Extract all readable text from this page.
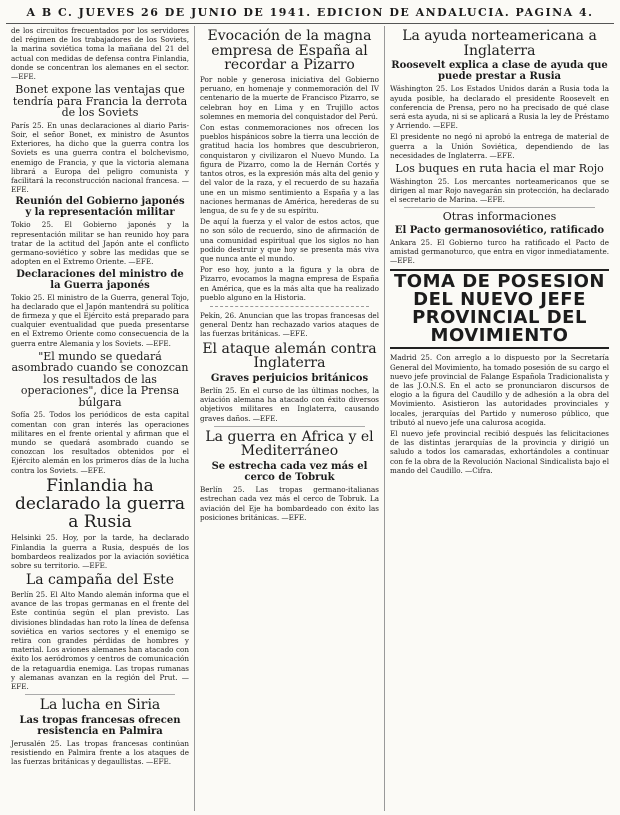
A B C. JUEVES 26 DE JUNIO DE 1941. EDICION DE ANDALUCIA. PAGINA 4.

de los circuitos frecuentados por los servidores del régimen de los trabajadores de los Soviets, la marina soviética toma la mañana del 21 del actual con medidas de defensa contra Finlandia, donde se concentran los alemanes en el sector. —EFE.

Bonet expone las ventajas que tendría para Francia la derrota de los Soviets

París 25. En unas declaraciones al diario Paris-Soir, el señor Bonet, ex ministro de Asuntos Exteriores, ha dicho que la guerra contra los Soviets es una guerra contra el bolchevismo, enemigo de Francia, y que la victoria alemana librará a Europa del peligro comunista y facilitará la reconstrucción nacional francesa. —EFE.

Reunión del Gobierno japonés y la representación militar

Tokio 25. El Gobierno japonés y la representación militar se han reunido hoy para tratar de la actitud del Japón ante el conflicto germano-soviético y sobre las medidas que se adopten en el Extremo Oriente. —EFE.

Declaraciones del ministro de la Guerra japonés

Tokio 25. El ministro de la Guerra, general Tojo, ha declarado que el Japón mantendrá su política de firmeza y que el Ejército está preparado para cualquier eventualidad que pueda presentarse en el Extremo Oriente como consecuencia de la guerra entre Alemania y los Soviets. —EFE.

"El mundo se quedará asombrado cuando se conozcan los resultados de las operaciones", dice la Prensa búlgara

Sofía 25. Todos los periódicos de esta capital comentan con gran interés las operaciones militares en el frente oriental y afirman que el mundo se quedará asombrado cuando se conozcan los resultados obtenidos por el Ejército alemán en los primeros días de la lucha contra los Soviets. —EFE.

Finlandia ha declarado la guerra a Rusia

Helsinki 25. Hoy, por la tarde, ha declarado Finlandia la guerra a Rusia, después de los bombardeos realizados por la aviación soviética sobre su territorio. —EFE.

La campaña del Este

Berlín 25. El Alto Mando alemán informa que el avance de las tropas germanas en el frente del Este continúa según el plan previsto. Las divisiones blindadas han roto la línea de defensa soviética en varios sectores y el enemigo se retira con grandes pérdidas de hombres y material. Los aviones alemanes han atacado con éxito los aeródromos y centros de comunicación de la retaguardia enemiga. Las tropas rumanas y alemanas avanzan en la región del Prut. —EFE.

La lucha en Siria
Las tropas francesas ofrecen resistencia en Palmira

Jerusalén 25. Las tropas francesas continúan resistiendo en Palmira frente a los ataques de las fuerzas británicas y degaullistas. —EFE.

Evocación de la magna empresa de España al recordar a Pizarro

Por noble y generosa iniciativa del Gobierno peruano, en homenaje y conmemoración del IV centenario de la muerte de Francisco Pizarro, se celebran hoy en Lima y en Trujillo actos solemnes en memoria del conquistador del Perú.

Con estas conmemoraciones nos ofrecen los pueblos hispánicos sobre la tierra una lección de gratitud hacia los hombres que descubrieron, conquistaron y civilizaron el Nuevo Mundo. La figura de Pizarro, como la de Hernán Cortés y tantos otros, es la expresión más alta del genio y del valor de la raza, y el recuerdo de su hazaña une en un mismo sentimiento a España y a las naciones hermanas de América, herederas de su lengua, de su fe y de su espíritu.

De aquí la fuerza y el valor de estos actos, que no son sólo de recuerdo, sino de afirmación de una comunidad espiritual que los siglos no han podido destruir y que hoy se presenta más viva que nunca ante el mundo.

Por eso hoy, junto a la figura y la obra de Pizarro, evocamos la magna empresa de España en América, que es la más alta que ha realizado pueblo alguno en la Historia.

Pekín, 26. Anuncian que las tropas francesas del general Dentz han rechazado varios ataques de las fuerzas británicas. —EFE.

El ataque alemán contra Inglaterra
Graves perjuicios británicos

Berlín 25. En el curso de las últimas noches, la aviación alemana ha atacado con éxito diversos objetivos militares en Inglaterra, causando graves daños. —EFE.

La guerra en Africa y el Mediterráneo
Se estrecha cada vez más el cerco de Tobruk

Berlín 25. Las tropas germano-italianas estrechan cada vez más el cerco de Tobruk. La aviación del Eje ha bombardeado con éxito las posiciones británicas. —EFE.

La ayuda norteamericana a Inglaterra
Roosevelt explica a clase de ayuda que puede prestar a Rusia

Wáshington 25. Los Estados Unidos darán a Rusia toda la ayuda posible, ha declarado el presidente Roosevelt en conferencia de Prensa, pero no ha precisado de qué clase será esta ayuda, ni si se aplicará a Rusia la ley de Préstamo y Arriendo. —EFE.

El presidente no negó ni aprobó la entrega de material de guerra a la Unión Soviética, dependiendo de las necesidades de Inglaterra. —EFE.

Los buques en ruta hacia el mar Rojo

Wáshington 25. Los mercantes norteamericanos que se dirigen al mar Rojo navegarán sin protección, ha declarado el secretario de Marina. —EFE.

Otras informaciones
El Pacto germanosoviético, ratificado

Ankara 25. El Gobierno turco ha ratificado el Pacto de amistad germanoturco, que entra en vigor inmediatamente. —EFE.

TOMA DE POSESION DEL NUEVO JEFE PROVINCIAL DEL MOVIMIENTO

Madrid 25. Con arreglo a lo dispuesto por la Secretaría General del Movimiento, ha tomado posesión de su cargo el nuevo jefe provincial de Falange Española Tradicionalista y de las J.O.N.S. En el acto se pronunciaron discursos de elogio a la figura del Caudillo y de adhesión a la obra del Movimiento. Asistieron las autoridades provinciales y locales, jerarquías del Partido y numeroso público, que tributó al nuevo jefe una calurosa acogida.

El nuevo jefe provincial recibió después las felicitaciones de las distintas jerarquías de la provincia y dirigió un saludo a todos los camaradas, exhortándoles a continuar con fe la obra de la Revolución Nacional Sindicalista bajo el mando del Caudillo. —Cifra.
